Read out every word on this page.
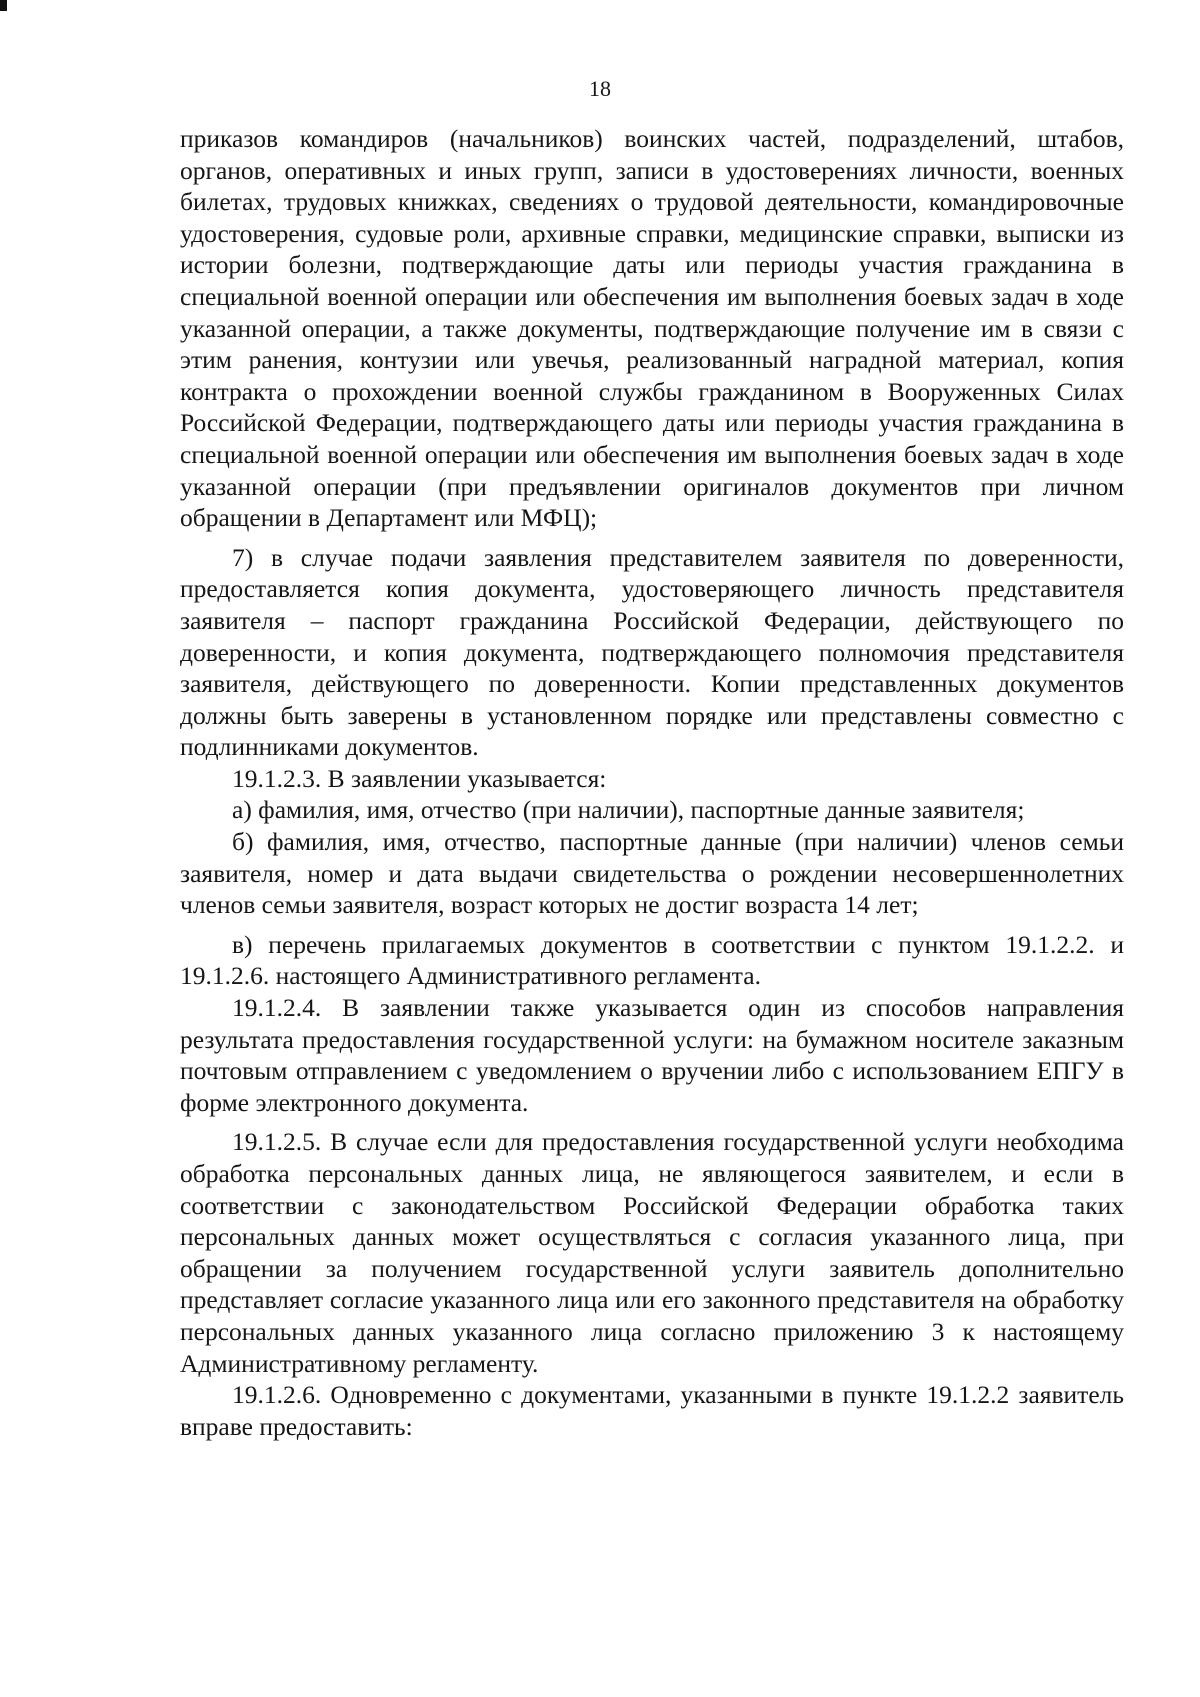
18

приказов командиров (начальников) воинских частей, подразделений, штабов, органов, оперативных и иных групп, записи в удостоверениях личности, военных билетах, трудовых книжках, сведениях о трудовой деятельности, командировочные удостоверения, судовые роли, архивные справки, медицинские справки, выписки из истории болезни, подтверждающие даты или периоды участия гражданина в специальной военной операции или обеспечения им выполнения боевых задач в ходе указанной операции, а также документы, подтверждающие получение им в связи с этим ранения, контузии или увечья, реализованный наградной материал, копия контракта о прохождении военной службы гражданином в Вооруженных Силах Российской Федерации, подтверждающего даты или периоды участия гражданина в специальной военной операции или обеспечения им выполнения боевых задач в ходе указанной операции (при предъявлении оригиналов документов при личном обращении в Департамент или МФЦ);

7) в случае подачи заявления представителем заявителя по доверенности, предоставляется копия документа, удостоверяющего личность представителя заявителя – паспорт гражданина Российской Федерации, действующего по доверенности, и копия документа, подтверждающего полномочия представителя заявителя, действующего по доверенности. Копии представленных документов должны быть заверены в установленном порядке или представлены совместно с подлинниками документов.

19.1.2.3. В заявлении указывается:

а) фамилия, имя, отчество (при наличии), паспортные данные заявителя;

б) фамилия, имя, отчество, паспортные данные (при наличии) членов семьи заявителя, номер и дата выдачи свидетельства о рождении несовершеннолетних членов семьи заявителя, возраст которых не достиг возраста 14 лет;

в) перечень прилагаемых документов в соответствии с пунктом 19.1.2.2. и 19.1.2.6. настоящего Административного регламента.

19.1.2.4. В заявлении также указывается один из способов направления результата предоставления государственной услуги: на бумажном носителе заказным почтовым отправлением с уведомлением о вручении либо с использованием ЕПГУ в форме электронного документа.

19.1.2.5. В случае если для предоставления государственной услуги необходима обработка персональных данных лица, не являющегося заявителем, и если в соответствии с законодательством Российской Федерации обработка таких персональных данных может осуществляться с согласия указанного лица, при обращении за получением государственной услуги заявитель дополнительно представляет согласие указанного лица или его законного представителя на обработку персональных данных указанного лица согласно приложению 3 к настоящему Административному регламенту.

19.1.2.6. Одновременно с документами, указанными в пункте 19.1.2.2 заявитель вправе предоставить:
